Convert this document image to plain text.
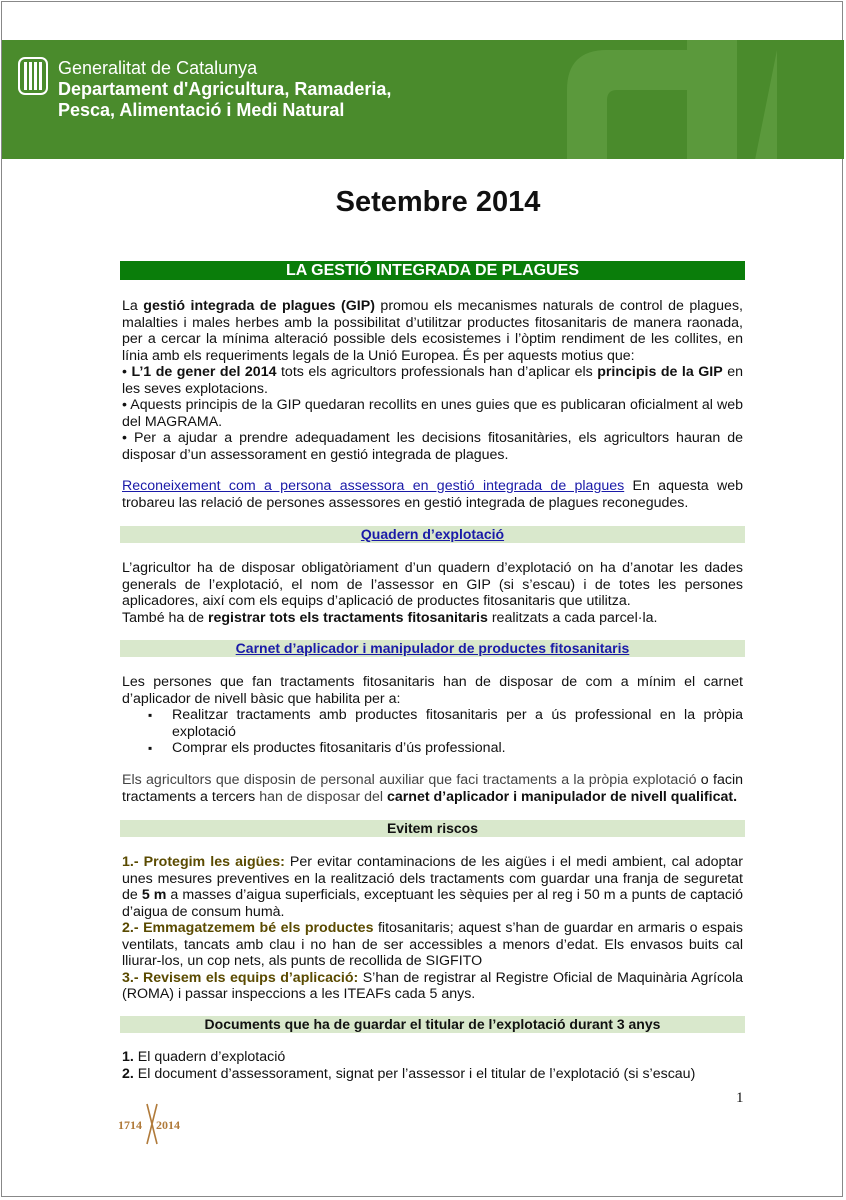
Generalitat de Catalunya
Departament d'Agricultura, Ramaderia,
Pesca, Alimentació i Medi Natural
Setembre 2014
LA GESTIÓ INTEGRADA DE PLAGUES

La gestió integrada de plagues (GIP) promou els mecanismes naturals de control de plagues, malalties i males herbes amb la possibilitat d’utilitzar productes fitosanitaris de manera raonada, per a cercar la mínima alteració possible dels ecosistemes i l’òptim rendiment de les collites, en línia amb els requeriments legals de la Unió Europea. És per aquests motius que:

• L’1 de gener del 2014 tots els agricultors professionals han d’aplicar els principis de la GIP en les seves explotacions.

• Aquests principis de la GIP quedaran recollits en unes guies que es publicaran oficialment al web del MAGRAMA.

• Per a ajudar a prendre adequadament les decisions fitosanitàries, els agricultors hauran de disposar d’un assessorament en gestió integrada de plagues.

Reconeixement com a persona assessora en gestió integrada de plagues En aquesta web trobareu las relació de persones assessores en gestió integrada de plagues reconegudes.

Quadern d’explotació

L’agricultor ha de disposar obligatòriament d’un quadern d’explotació on ha d’anotar les dades generals de l’explotació, el nom de l’assessor en GIP (si s’escau) i de totes les persones aplicadores, així com els equips d’aplicació de productes fitosanitaris que utilitza.

També ha de registrar tots els tractaments fitosanitaris realitzats a cada parcel·la.

Carnet d’aplicador i manipulador de productes fitosanitaris

Les persones que fan tractaments fitosanitaris han de disposar de com a mínim el carnet d’aplicador de nivell bàsic que habilita per a:

▪ Realitzar tractaments amb productes fitosanitaris per a ús professional en la pròpia explotació
▪ Comprar els productes fitosanitaris d’ús professional.

Els agricultors que disposin de personal auxiliar que faci tractaments a la pròpia explotació o facin tractaments a tercers han de disposar del carnet d’aplicador i manipulador de nivell qualificat.

Evitem riscos

1.- Protegim les aigües: Per evitar contaminacions de les aigües i el medi ambient, cal adoptar unes mesures preventives en la realització dels tractaments com guardar una franja de seguretat de 5 m a masses d’aigua superficials, exceptuant les sèquies per al reg i 50 m a punts de captació d’aigua de consum humà.

2.- Emmagatzemem bé els productes fitosanitaris; aquest s’han de guardar en armaris o espais ventilats, tancats amb clau i no han de ser accessibles a menors d’edat. Els envasos buits cal lliurar-los, un cop nets, als punts de recollida de SIGFITO

3.- Revisem els equips d’aplicació: S’han de registrar al Registre Oficial de Maquinària Agrícola (ROMA) i passar inspeccions a les ITEAFs cada 5 anys.

Documents que ha de guardar el titular de l’explotació durant 3 anys

1. El quadern d’explotació

2. El document d’assessorament, signat per l’assessor i el titular de l’explotació (si s’escau)

1
1714 2014
